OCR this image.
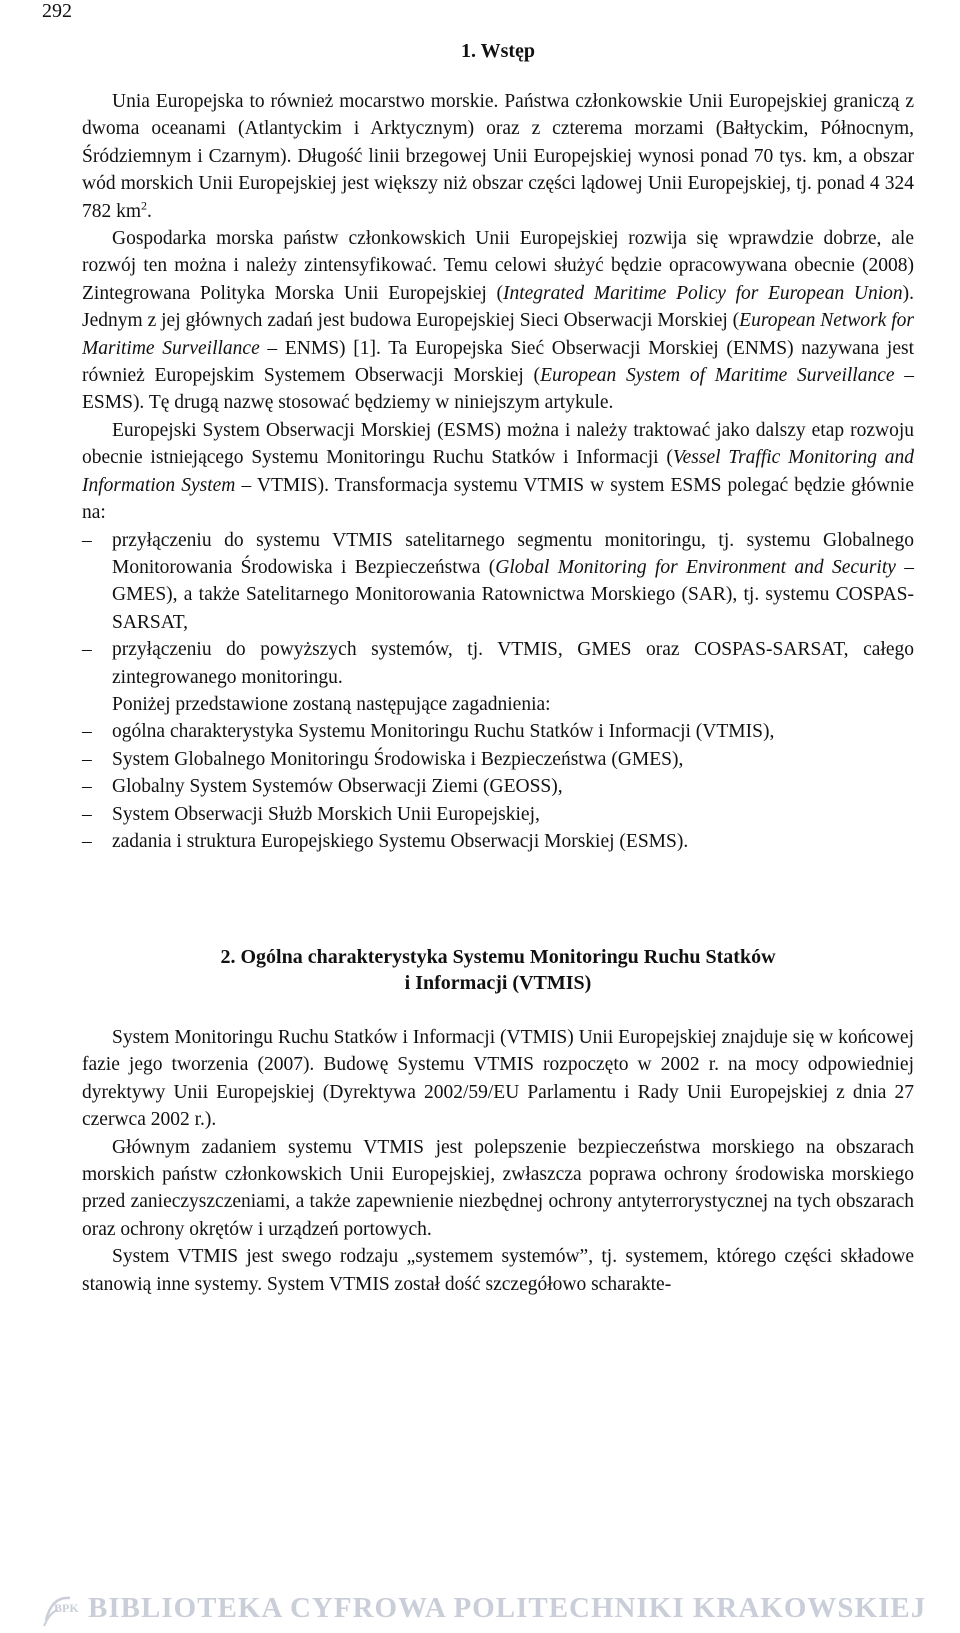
292
1. Wstęp

Unia Europejska to również mocarstwo morskie. Państwa członkowskie Unii Europejskiej graniczą z dwoma oceanami (Atlantyckim i Arktycznym) oraz z czterema morzami (Bałtyckim, Północnym, Śródziemnym i Czarnym). Długość linii brzegowej Unii Europejskiej wynosi ponad 70 tys. km, a obszar wód morskich Unii Europejskiej jest większy niż obszar części lądowej Unii Europejskiej, tj. ponad 4 324 782 $km^2$.

Gospodarka morska państw członkowskich Unii Europejskiej rozwija się wprawdzie dobrze, ale rozwój ten można i należy zintensyfikować. Temu celowi służyć będzie opracowywana obecnie (2008) Zintegrowana Polityka Morska Unii Europejskiej (Integrated Maritime Policy for European Union). Jednym z jej głównych zadań jest budowa Europejskiej Sieci Obserwacji Morskiej (European Network for Maritime Surveillance – ENMS) [1]. Ta Europejska Sieć Obserwacji Morskiej (ENMS) nazywana jest również Europejskim Systemem Obserwacji Morskiej (European System of Maritime Surveillance – ESMS). Tę drugą nazwę stosować będziemy w niniejszym artykule.

Europejski System Obserwacji Morskiej (ESMS) można i należy traktować jako dalszy etap rozwoju obecnie istniejącego Systemu Monitoringu Ruchu Statków i Informacji (Vessel Traffic Monitoring and Information System – VTMIS). Transformacja systemu VTMIS w system ESMS polegać będzie głównie na:

– przyłączeniu do systemu VTMIS satelitarnego segmentu monitoringu, tj. systemu Globalnego Monitorowania Środowiska i Bezpieczeństwa (Global Monitoring for Environment and Security – GMES), a także Satelitarnego Monitorowania Ratownictwa Morskiego (SAR), tj. systemu COSPAS-SARSAT,
– przyłączeniu do powyższych systemów, tj. VTMIS, GMES oraz COSPAS-SARSAT, całego zintegrowanego monitoringu.

Poniżej przedstawione zostaną następujące zagadnienia:

– ogólna charakterystyka Systemu Monitoringu Ruchu Statków i Informacji (VTMIS),
– System Globalnego Monitoringu Środowiska i Bezpieczeństwa (GMES),
– Globalny System Systemów Obserwacji Ziemi (GEOSS),
– System Obserwacji Służb Morskich Unii Europejskiej,
– zadania i struktura Europejskiego Systemu Obserwacji Morskiej (ESMS).
2. Ogólna charakterystyka Systemu Monitoringu Ruchu Statków
i Informacji (VTMIS)

System Monitoringu Ruchu Statków i Informacji (VTMIS) Unii Europejskiej znajduje się w końcowej fazie jego tworzenia (2007). Budowę Systemu VTMIS rozpoczęto w 2002 r. na mocy odpowiedniej dyrektywy Unii Europejskiej (Dyrektywa 2002/59/EU Parlamentu i Rady Unii Europejskiej z dnia 27 czerwca 2002 r.).

Głównym zadaniem systemu VTMIS jest polepszenie bezpieczeństwa morskiego na obszarach morskich państw członkowskich Unii Europejskiej, zwłaszcza poprawa ochrony środowiska morskiego przed zanieczyszczeniami, a także zapewnienie niezbędnej ochrony antyterrorystycznej na tych obszarach oraz ochrony okrętów i urządzeń portowych.

System VTMIS jest swego rodzaju „systemem systemów”, tj. systemem, którego części składowe stanowią inne systemy. System VTMIS został dość szczegółowo scharakte-

BPK BIBLIOTEKA CYFROWA POLITECHNIKI KRAKOWSKIEJ
